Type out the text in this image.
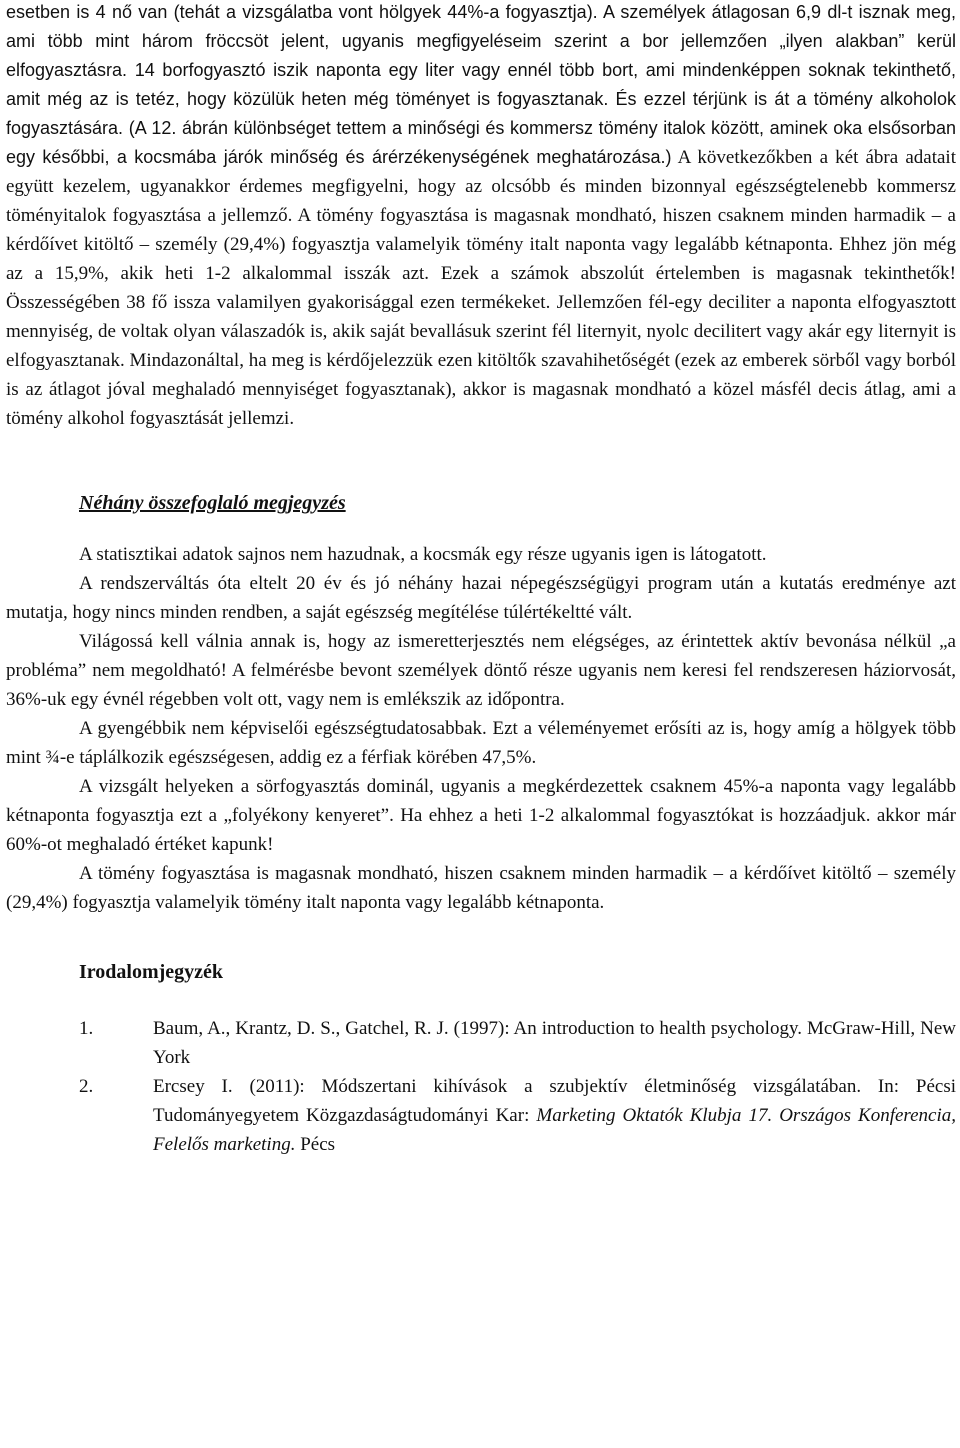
esetben is 4 nő van (tehát a vizsgálatba vont hölgyek 44%-a fogyasztja). A személyek átlagosan 6,9 dl-t isznak meg, ami több mint három fröccsöt jelent, ugyanis megfigyeléseim szerint a bor jellemzően „ilyen alakban” kerül elfogyasztásra. 14 borfogyasztó iszik naponta egy liter vagy ennél több bort, ami mindenképpen soknak tekinthető, amit még az is tetéz, hogy közülük heten még töményet is fogyasztanak. És ezzel térjünk is át a tömény alkoholok fogyasztására. (A 12. ábrán különbséget tettem a minőségi és kommersz tömény italok között, aminek oka elsősorban egy későbbi, a kocsmába járók minőség és árérzékenységének meghatározása.) A következőkben a két ábra adatait együtt kezelem, ugyanakkor érdemes megfigyelni, hogy az olcsóbb és minden bizonnyal egészségtelenebb kommersz töményitalok fogyasztása a jellemző. A tömény fogyasztása is magasnak mondható, hiszen csaknem minden harmadik – a kérdőívet kitöltő – személy (29,4%) fogyasztja valamelyik tömény italt naponta vagy legalább kétnaponta. Ehhez jön még az a 15,9%, akik heti 1-2 alkalommal isszák azt. Ezek a számok abszolút értelemben is magasnak tekinthetők! Összességében 38 fő issza valamilyen gyakorisággal ezen termékeket. Jellemzően fél-egy deciliter a naponta elfogyasztott mennyiség, de voltak olyan válaszadók is, akik saját bevallásuk szerint fél liternyit, nyolc decilitert vagy akár egy liternyit is elfogyasztanak. Mindazonáltal, ha meg is kérdőjelezzük ezen kitöltők szavahihetőségét (ezek az emberek sörből vagy borból is az átlagot jóval meghaladó mennyiséget fogyasztanak), akkor is magasnak mondható a közel másfél decis átlag, ami a tömény alkohol fogyasztását jellemzi.

Néhány összefoglaló megjegyzés

A statisztikai adatok sajnos nem hazudnak, a kocsmák egy része ugyanis igen is látogatott.

A rendszerváltás óta eltelt 20 év és jó néhány hazai népegészségügyi program után a kutatás eredménye azt mutatja, hogy nincs minden rendben, a saját egészség megítélése túlértékeltté vált.

Világossá kell válnia annak is, hogy az ismeretterjesztés nem elégséges, az érintettek aktív bevonása nélkül „a probléma” nem megoldható! A felmérésbe bevont személyek döntő része ugyanis nem keresi fel rendszeresen háziorvosát, 36%-uk egy évnél régebben volt ott, vagy nem is emlékszik az időpontra.

A gyengébbik nem képviselői egészségtudatosabbak. Ezt a véleményemet erősíti az is, hogy amíg a hölgyek több mint ¾-e táplálkozik egészségesen, addig ez a férfiak körében 47,5%.

A vizsgált helyeken a sörfogyasztás dominál, ugyanis a megkérdezettek csaknem 45%-a naponta vagy legalább kétnaponta fogyasztja ezt a „folyékony kenyeret”. Ha ehhez a heti 1-2 alkalommal fogyasztókat is hozzáadjuk. akkor már 60%-ot meghaladó értéket kapunk!

A tömény fogyasztása is magasnak mondható, hiszen csaknem minden harmadik – a kérdőívet kitöltő – személy (29,4%) fogyasztja valamelyik tömény italt naponta vagy legalább kétnaponta.

Irodalomjegyzék
1.	Baum, A., Krantz, D. S., Gatchel, R. J. (1997): An introduction to health psychology. McGraw-Hill, New York
2.	Ercsey I. (2011): Módszertani kihívások a szubjektív életminőség vizsgálatában. In: Pécsi Tudományegyetem Közgazdaságtudományi Kar: Marketing Oktatók Klubja 17. Országos Konferencia, Felelős marketing. Pécs
